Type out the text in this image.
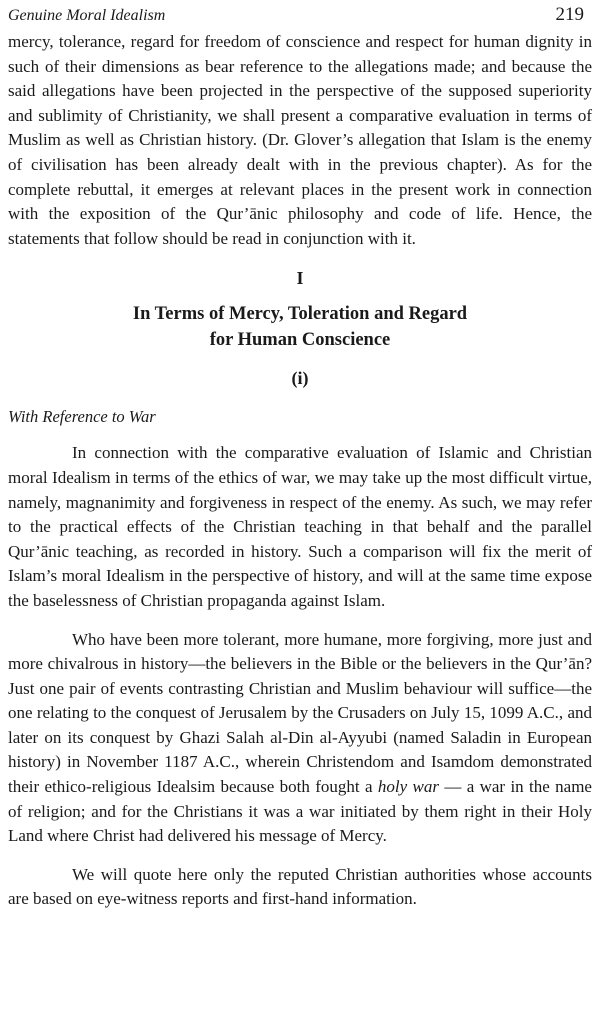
Genuine Moral Idealism	219

mercy, tolerance, regard for freedom of conscience and respect for human dignity in such of their dimensions as bear reference to the allegations made; and because the said allegations have been projected in the perspective of the supposed superiority and sublimity of Christianity, we shall present a comparative evaluation in terms of Muslim as well as Christian history. (Dr. Glover’s allegation that Islam is the enemy of civilisation has been already dealt with in the previous chapter). As for the complete rebuttal, it emerges at relevant places in the present work in connection with the exposition of the Qur’ānic philosophy and code of life. Hence, the statements that follow should be read in conjunction with it.

I
In Terms of Mercy, Toleration and Regard
for Human Conscience
(i)
With Reference to War

In connection with the comparative evaluation of Islamic and Christian moral Idealism in terms of the ethics of war, we may take up the most difficult virtue, namely, magnanimity and forgiveness in respect of the enemy. As such, we may refer to the practical effects of the Christian teaching in that behalf and the parallel Qur’ānic teaching, as recorded in history. Such a comparison will fix the merit of Islam’s moral Idealism in the perspective of history, and will at the same time expose the baselessness of Christian propaganda against Islam.

Who have been more tolerant, more humane, more forgiving, more just and more chivalrous in history—the believers in the Bible or the believers in the Qur’ān? Just one pair of events contrasting Christian and Muslim behaviour will suffice—the one relating to the conquest of Jerusalem by the Crusaders on July 15, 1099 A.C., and later on its conquest by Ghazi Salah al-Din al-Ayyubi (named Saladin in European history) in November 1187 A.C., wherein Christendom and Isamdom demonstrated their ethico-religious Idealsim because both fought a holy war — a war in the name of religion; and for the Christians it was a war initiated by them right in their Holy Land where Christ had delivered his message of Mercy.

We will quote here only the reputed Christian authorities whose accounts are based on eye-witness reports and first-hand information.
